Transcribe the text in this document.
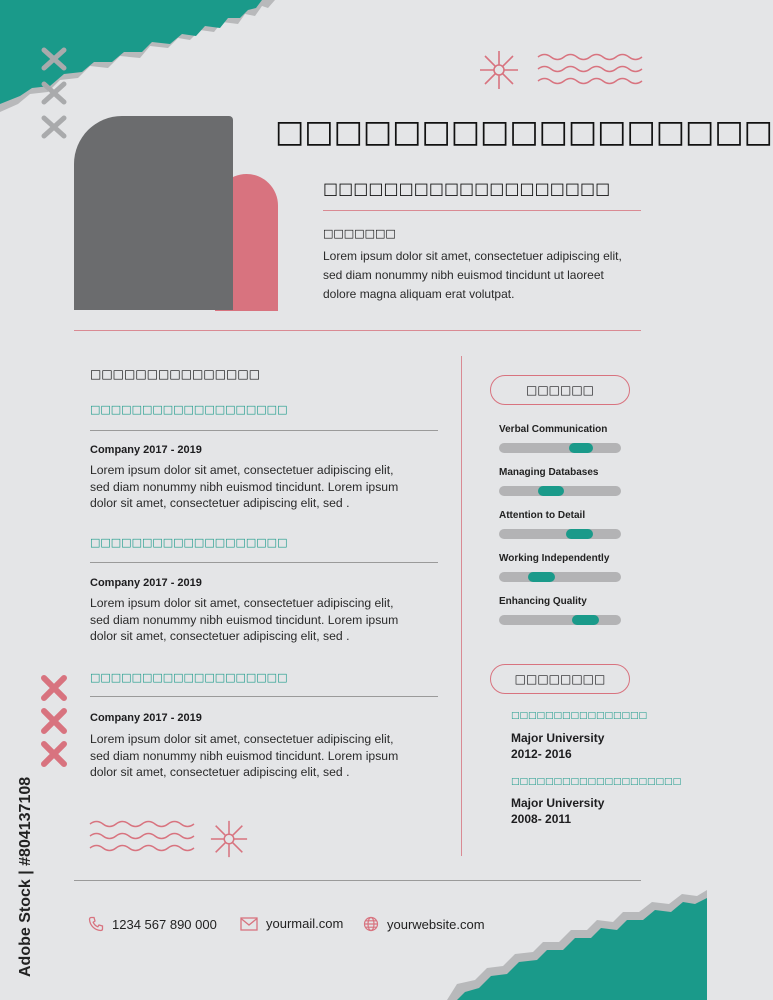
□□□□□□□□□□□□□□□□□
□□□□□□□□□□□□□□□□□□□
□□□□□□□
Lorem ipsum dolor sit amet, consectetuer adipiscing elit, sed diam nonummy nibh euismod tincidunt ut laoreet dolore magna aliquam erat volutpat.
□□□□□□□□□□□□□□□
□□□□□□□□□□□□□□□□□□□
Company 2017 - 2019
Lorem ipsum dolor sit amet, consectetuer adipiscing elit, sed diam nonummy nibh euismod tincidunt. Lorem ipsum dolor sit amet, consectetuer adipiscing elit, sed .
□□□□□□□□□□□□□□□□□□□
Company 2017 - 2019
Lorem ipsum dolor sit amet, consectetuer adipiscing elit, sed diam nonummy nibh euismod tincidunt. Lorem ipsum dolor sit amet, consectetuer adipiscing elit, sed .
□□□□□□□□□□□□□□□□□□□
Company 2017 - 2019
Lorem ipsum dolor sit amet, consectetuer adipiscing elit, sed diam nonummy nibh euismod tincidunt. Lorem ipsum dolor sit amet, consectetuer adipiscing elit, sed .
□□□□□□
Verbal Communication
Managing Databases
Attention to Detail
Working Independently
Enhancing Quality
□□□□□□□□
□□□□□□□□□□□□□□□□
Major University
2012- 2016
□□□□□□□□□□□□□□□□□□□□
Major University
2008- 2011
1234 567 890 000	yourmail.com	yourwebsite.com
Adobe Stock | #804137108
